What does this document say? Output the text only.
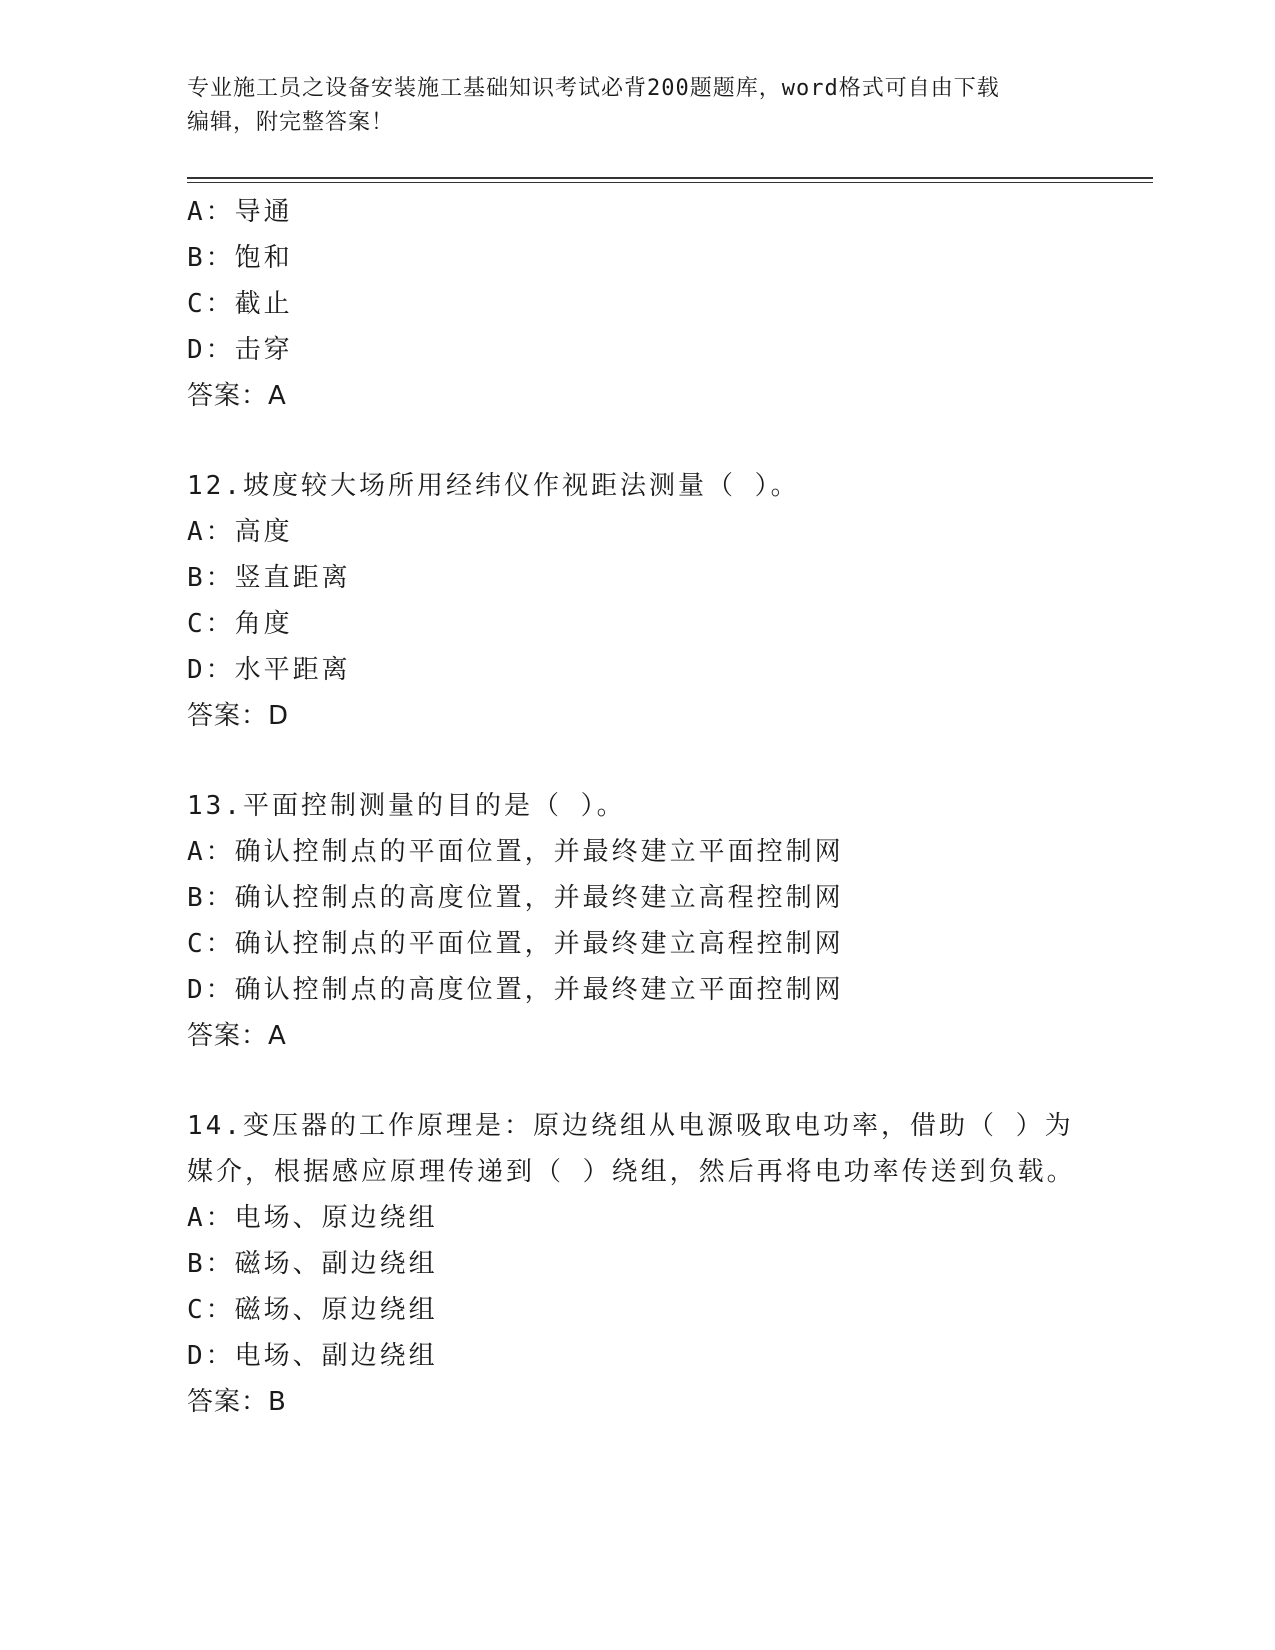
专业施工员之设备安装施工基础知识考试必背200题题库，word格式可自由下载
编辑，附完整答案！
A：导通
B：饱和
C：截止
D：击穿
答案：A
12.坡度较大场所用经纬仪作视距法测量（ ）。
A：高度
B：竖直距离
C：角度
D：水平距离
答案：D
13.平面控制测量的目的是（ ）。
A：确认控制点的平面位置，并最终建立平面控制网
B：确认控制点的高度位置，并最终建立高程控制网
C：确认控制点的平面位置，并最终建立高程控制网
D：确认控制点的高度位置，并最终建立平面控制网
答案：A
14.变压器的工作原理是：原边绕组从电源吸取电功率，借助（ ）为
媒介，根据感应原理传递到（ ）绕组，然后再将电功率传送到负载。
A：电场、原边绕组
B：磁场、副边绕组
C：磁场、原边绕组
D：电场、副边绕组
答案：B
